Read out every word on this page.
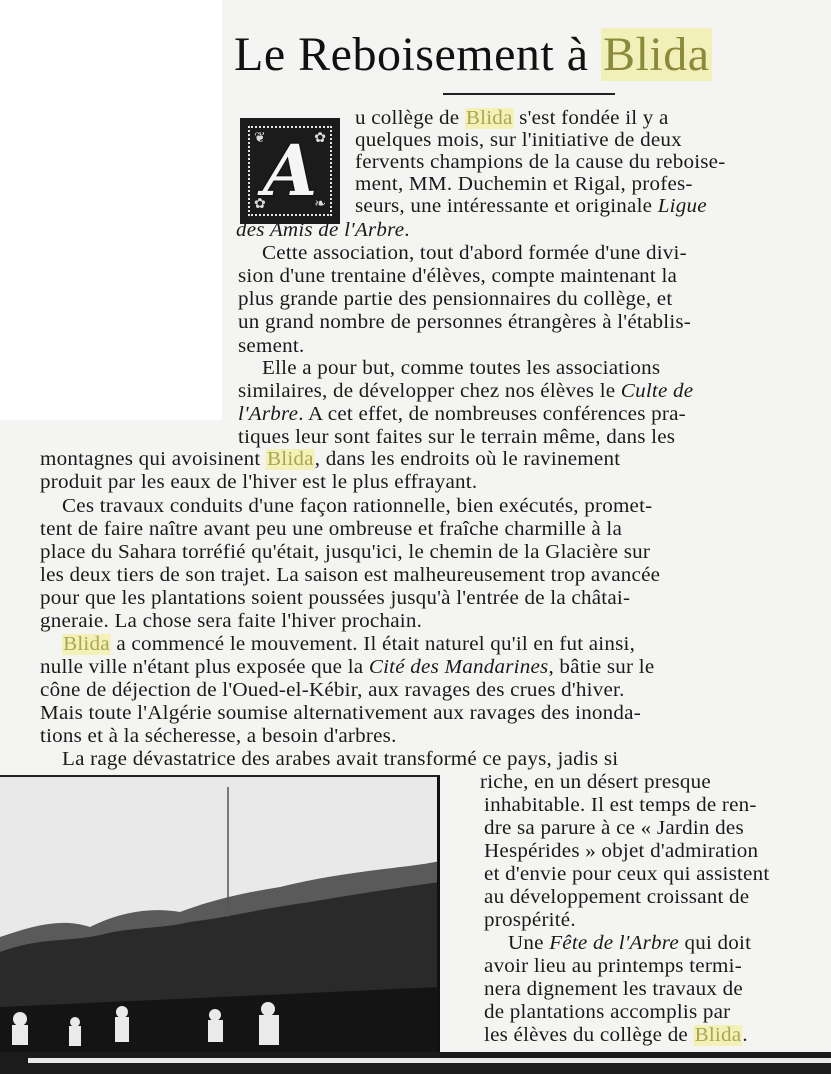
Le Reboisement à Blida
❦
❧
✿
✿
A
u collège de Blida s'est fondée il y a
quelques mois, sur l'initiative de deux
fervents champions de la cause du reboise-
ment, MM. Duchemin et Rigal, profes-
seurs, une intéressante et originale Ligue
des Amis de l'Arbre.
Cette association, tout d'abord formée d'une divi-
sion d'une trentaine d'élèves, compte maintenant la
plus grande partie des pensionnaires du collège, et
un grand nombre de personnes étrangères à l'établis-
sement.
Elle a pour but, comme toutes les associations
similaires, de développer chez nos élèves le Culte de
l'Arbre. A cet effet, de nombreuses conférences pra-
tiques leur sont faites sur le terrain même, dans les
montagnes qui avoisinent Blida, dans les endroits où le ravinement
produit par les eaux de l'hiver est le plus effrayant.
Ces travaux conduits d'une façon rationnelle, bien exécutés, promet-
tent de faire naître avant peu une ombreuse et fraîche charmille à la
place du Sahara torréfié qu'était, jusqu'ici, le chemin de la Glacière sur
les deux tiers de son trajet. La saison est malheureusement trop avancée
pour que les plantations soient poussées jusqu'à l'entrée de la châtai-
gneraie. La chose sera faite l'hiver prochain.
Blida a commencé le mouvement. Il était naturel qu'il en fut ainsi,
nulle ville n'étant plus exposée que la Cité des Mandarines, bâtie sur le
cône de déjection de l'Oued-el-Kébir, aux ravages des crues d'hiver.
Mais toute l'Algérie soumise alternativement aux ravages des inonda-
tions et à la sécheresse, a besoin d'arbres.
La rage dévastatrice des arabes avait transformé ce pays, jadis si
riche, en un désert presque
inhabitable. Il est temps de ren-
dre sa parure à ce « Jardin des
Hespérides » objet d'admiration
et d'envie pour ceux qui assistent
au développement croissant de
prospérité.
Une Fête de l'Arbre qui doit
avoir lieu au printemps termi-
nera dignement les travaux de
de plantations accomplis par
les élèves du collège de Blida.
